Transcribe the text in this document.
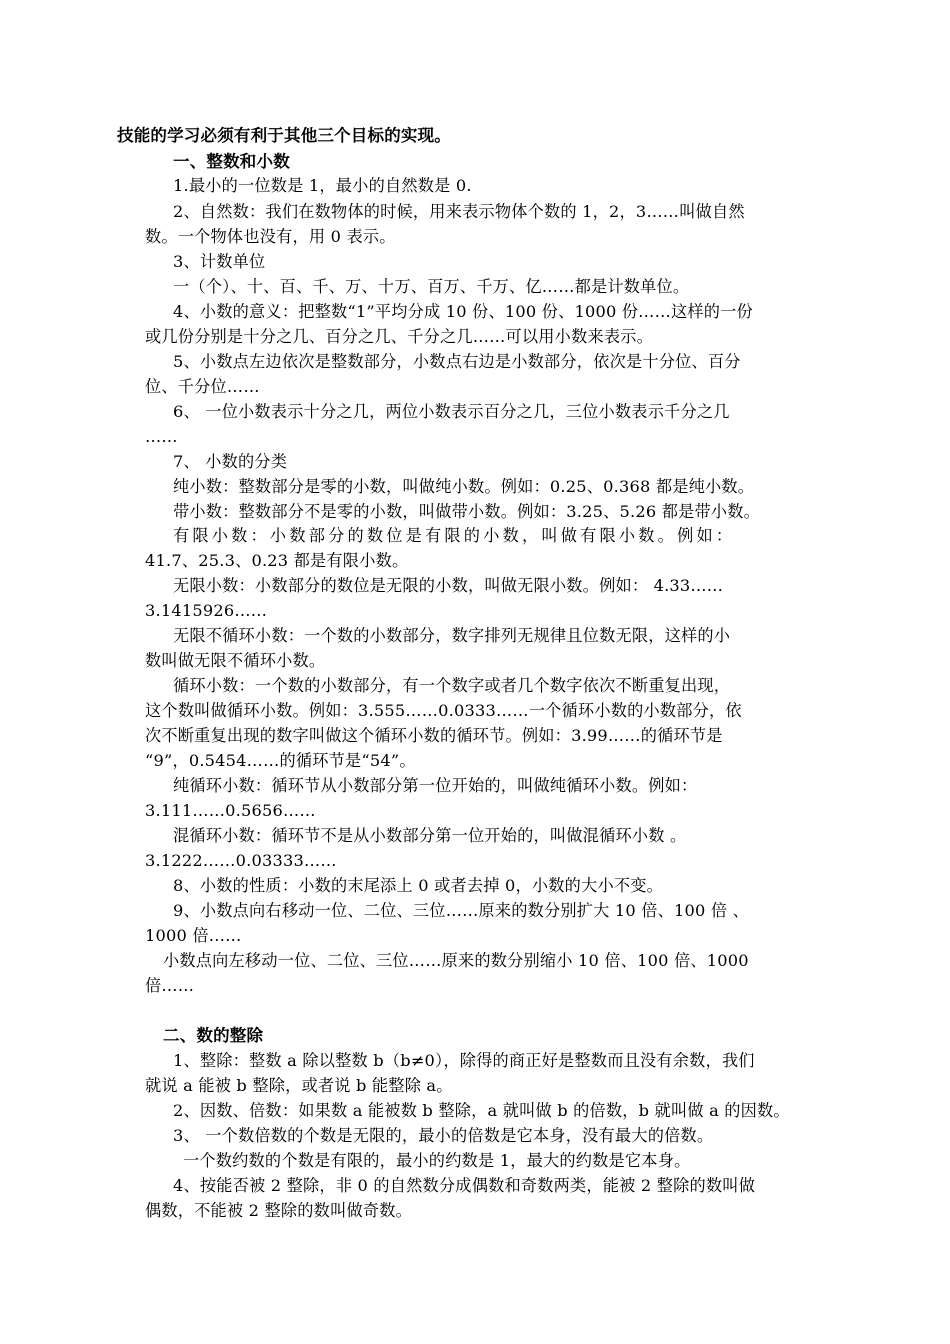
技能的学习必须有利于其他三个目标的实现。
一、整数和小数
1.最小的一位数是 1，最小的自然数是 0.
2、自然数：我们在数物体的时候，用来表示物体个数的 1，2，3……叫做自然
数。一个物体也没有，用 0 表示。
3、计数单位
一（个）、十、百、千、万、十万、百万、千万、亿……都是计数单位。
4、小数的意义：把整数“1”平均分成 10 份、100 份、1000 份……这样的一份
或几份分别是十分之几、百分之几、千分之几……可以用小数来表示。
5、小数点左边依次是整数部分，小数点右边是小数部分，依次是十分位、百分
位、千分位……
6、 一位小数表示十分之几，两位小数表示百分之几，三位小数表示千分之几
……
7、 小数的分类
纯小数：整数部分是零的小数，叫做纯小数。例如：0.25、0.368 都是纯小数。
带小数：整数部分不是零的小数，叫做带小数。例如：3.25、5.26 都是带小数。
有限小数：小数部分的数位是有限的小数，叫做有限小数。例如：
41.7、25.3、0.23 都是有限小数。
无限小数：小数部分的数位是无限的小数，叫做无限小数。例如： 4.33……
3.1415926……
无限不循环小数：一个数的小数部分，数字排列无规律且位数无限，这样的小
数叫做无限不循环小数。
循环小数：一个数的小数部分，有一个数字或者几个数字依次不断重复出现，
这个数叫做循环小数。例如：3.555……0.0333……一个循环小数的小数部分，依
次不断重复出现的数字叫做这个循环小数的循环节。例如：3.99……的循环节是
“9”，0.5454……的循环节是“54”。
纯循环小数：循环节从小数部分第一位开始的，叫做纯循环小数。例如：
3.111……0.5656……
混循环小数：循环节不是从小数部分第一位开始的，叫做混循环小数 。
3.1222……0.03333……
8、小数的性质：小数的末尾添上 0 或者去掉 0，小数的大小不变。
9、小数点向右移动一位、二位、三位……原来的数分别扩大 10 倍、100 倍 、
1000 倍……
小数点向左移动一位、二位、三位……原来的数分别缩小 10 倍、100 倍、1000
倍……
二、数的整除
1、整除：整数 a 除以整数 b（b≠0），除得的商正好是整数而且没有余数，我们
就说 a 能被 b 整除，或者说 b 能整除 a。
2、因数、倍数：如果数 a 能被数 b 整除，a 就叫做 b 的倍数，b 就叫做 a 的因数。
3、 一个数倍数的个数是无限的，最小的倍数是它本身，没有最大的倍数。
一个数约数的个数是有限的，最小的约数是 1，最大的约数是它本身。
4、按能否被 2 整除，非 0 的自然数分成偶数和奇数两类，能被 2 整除的数叫做
偶数，不能被 2 整除的数叫做奇数。
